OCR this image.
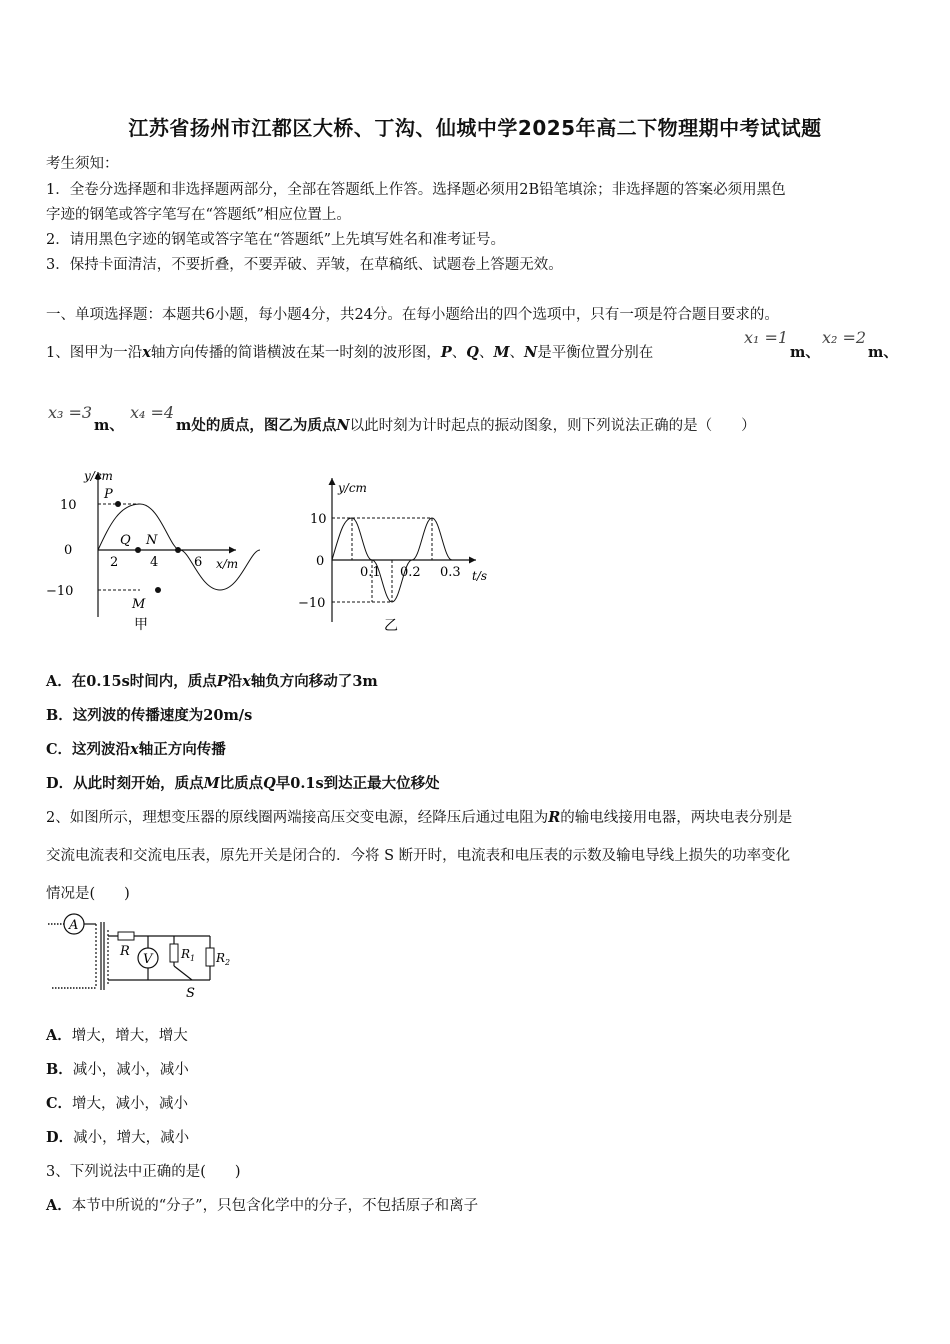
江苏省扬州市江都区大桥、丁沟、仙城中学2025年高二下物理期中考试试题
考生须知：
1．全卷分选择题和非选择题两部分，全部在答题纸上作答。选择题必须用2B铅笔填涂；非选择题的答案必须用黑色
字迹的钢笔或答字笔写在“答题纸”相应位置上。
2．请用黑色字迹的钢笔或答字笔在“答题纸”上先填写姓名和准考证号。
3．保持卡面清洁，不要折叠，不要弄破、弄皱，在草稿纸、试题卷上答题无效。
一、单项选择题：本题共6小题，每小题4分，共24分。在每小题给出的四个选项中，只有一项是符合题目要求的。
1、图甲为一沿x轴方向传播的简谐横波在某一时刻的波形图，P、Q、M、N是平衡位置分别在
x₁ =1
m、
x₂ =2
m、
x₃ =3
m、
x₄ =4
m处的质点，图乙为质点N以此时刻为计时起点的振动图象，则下列说法正确的是（　　）
y/cm
x/m
10
0
−10
2 4	6
P
Q N
M
甲
y/cm
t/s
10
0
−10
0.1 0.2 0.3
乙
A．在0.15s时间内，质点P沿x轴负方向移动了3m
B．这列波的传播速度为20m/s
C．这列波沿x轴正方向传播
D．从此时刻开始，质点M比质点Q早0.1s到达正最大位移处
2、如图所示，理想变压器的原线圈两端接高压交变电源，经降压后通过电阻为R的输电线接用电器，两块电表分别是
交流电流表和交流电压表，原先开关是闭合的．今将 S 断开时，电流表和电压表的示数及输电导线上损失的功率变化
情况是(　　)
A
R
V $R_1$
S
$R_2$
A．增大，增大，增大
B．减小，减小，减小
C．增大，减小，减小
D．减小，增大，减小
3、下列说法中正确的是(　　)
A．本节中所说的“分子”，只包含化学中的分子，不包括原子和离子
